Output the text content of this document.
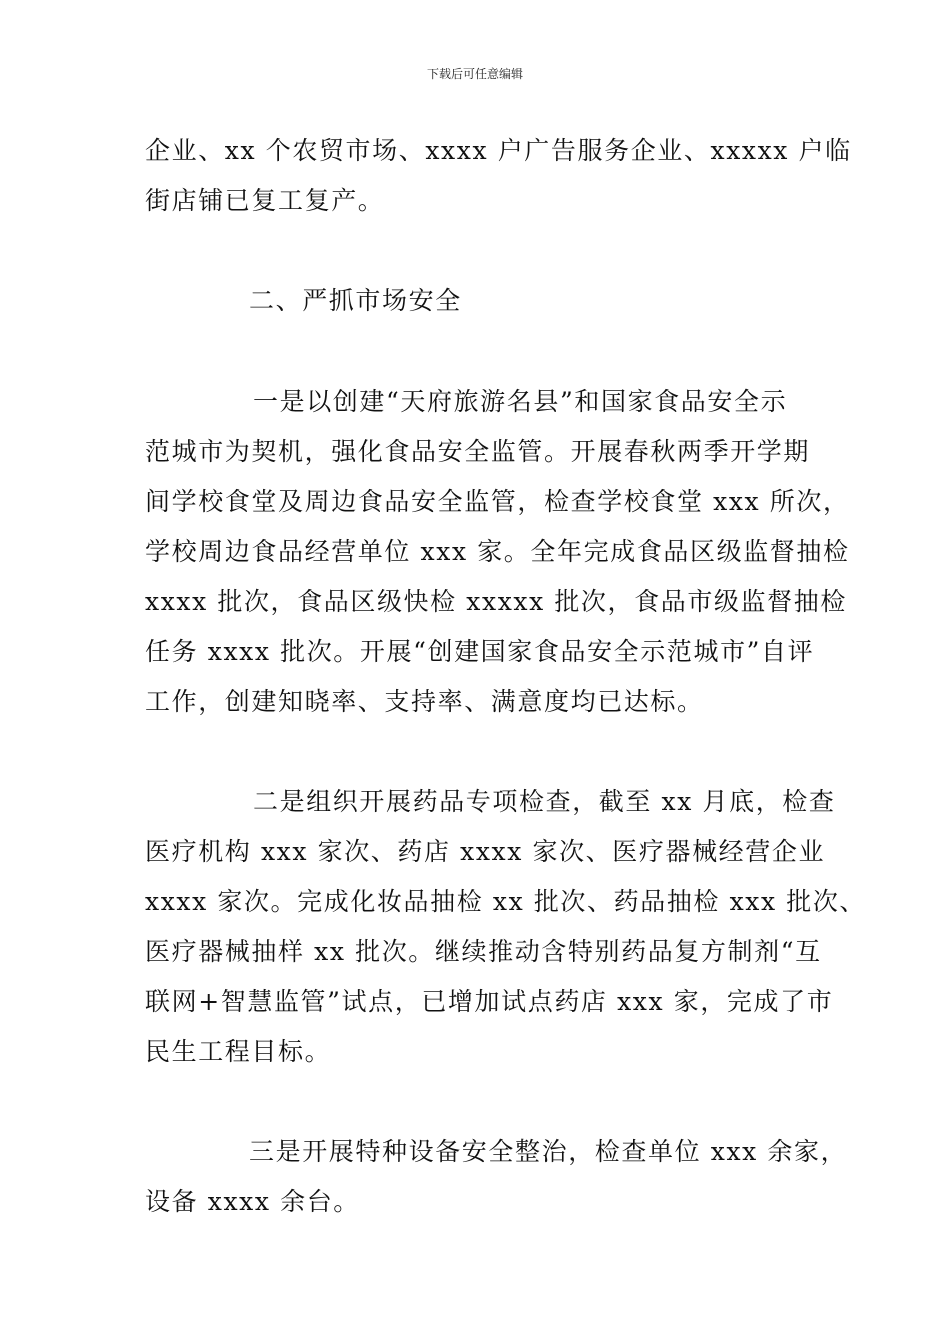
下载后可任意编辑
企业、xx 个农贸市场、xxxx 户广告服务企业、xxxxx 户临
街店铺已复工复产。
二、严抓市场安全
一是以创建“天府旅游名县”和国家食品安全示
范城市为契机，强化食品安全监管。开展春秋两季开学期
间学校食堂及周边食品安全监管，检查学校食堂 xxx 所次，
学校周边食品经营单位 xxx 家。全年完成食品区级监督抽检
xxxx 批次，食品区级快检 xxxxx 批次，食品市级监督抽检
任务 xxxx 批次。开展“创建国家食品安全示范城市”自评
工作，创建知晓率、支持率、满意度均已达标。
二是组织开展药品专项检查，截至 xx 月底，检查
医疗机构 xxx 家次、药店 xxxx 家次、医疗器械经营企业
xxxx 家次。完成化妆品抽检 xx 批次、药品抽检 xxx 批次、
医疗器械抽样 xx 批次。继续推动含特别药品复方制剂“互
联网+智慧监管”试点，已增加试点药店 xxx 家，完成了市
民生工程目标。
三是开展特种设备安全整治，检查单位 xxx 余家，
设备 xxxx 余台。
